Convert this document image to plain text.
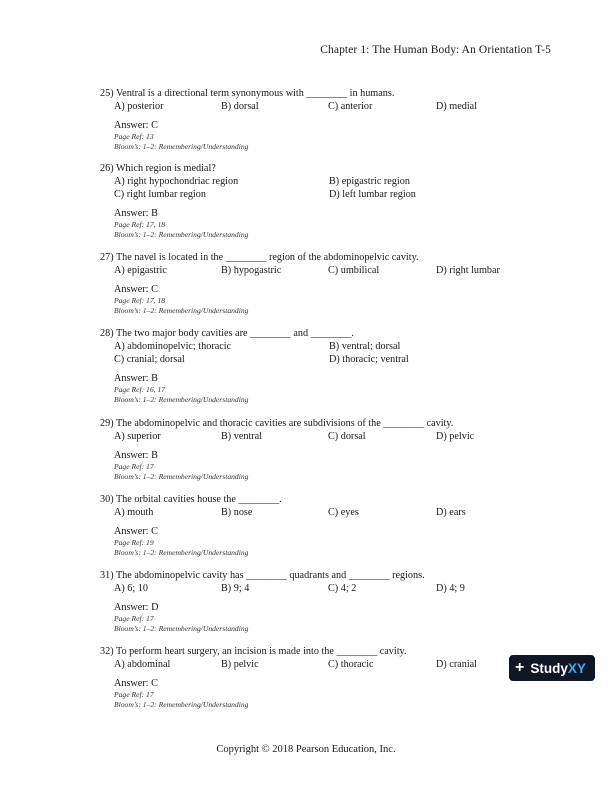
Chapter 1: The Human Body: An Orientation T-5
25) Ventral is a directional term synonymous with ________ in humans.
A) posterior	B) dorsal	C) anterior	D) medial
Answer: C
Page Ref: 13
Bloom’s: 1–2: Remembering/Understanding
26) Which region is medial?
A) right hypochondriac region	B) epigastric region
C) right lumbar region	D) left lumbar region
Answer: B
Page Ref: 17, 18
Bloom’s: 1–2: Remembering/Understanding
27) The navel is located in the ________ region of the abdominopelvic cavity.
A) epigastric	B) hypogastric	C) umbilical	D) right lumbar
Answer: C
Page Ref: 17, 18
Bloom’s: 1–2: Remembering/Understanding
28) The two major body cavities are ________ and ________.
A) abdominopelvic; thoracic	B) ventral; dorsal
C) cranial; dorsal	D) thoracic; ventral
Answer: B
Page Ref: 16, 17
Bloom’s: 1–2: Remembering/Understanding
29) The abdominopelvic and thoracic cavities are subdivisions of the ________ cavity.
A) superior	B) ventral	C) dorsal	D) pelvic
Answer: B
Page Ref: 17
Bloom’s: 1–2: Remembering/Understanding
30) The orbital cavities house the ________.
A) mouth	B) nose	C) eyes	D) ears
Answer: C
Page Ref: 19
Bloom’s: 1–2: Remembering/Understanding
31) The abdominopelvic cavity has ________ quadrants and ________ regions.
A) 6; 10	B) 9; 4	C) 4; 2	D) 4; 9
Answer: D
Page Ref: 17
Bloom’s: 1–2: Remembering/Understanding
32) To perform heart surgery, an incision is made into the ________ cavity.
A) abdominal	B) pelvic	C) thoracic	D) cranial
Answer: C
Page Ref: 17
Bloom’s: 1–2: Remembering/Understanding
+ Study XY
Copyright © 2018 Pearson Education, Inc.
